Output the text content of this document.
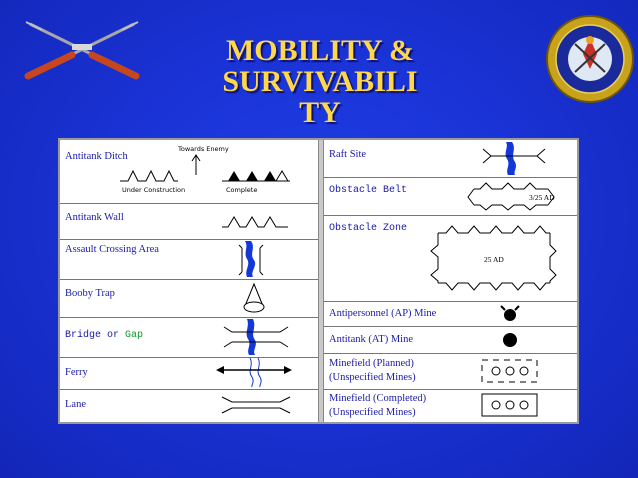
MOBILITY &
SURVIVABILI
TY
Antitank Ditch
Towards Enemy
Under Construction	Complete
Antitank Wall
Assault Crossing Area
Booby Trap
Bridge or Gap
Ferry
Lane
Raft Site
Obstacle Belt
3/25 AD
Obstacle Zone
25 AD
Antipersonnel (AP) Mine
Antitank (AT) Mine
Minefield (Planned)
(Unspecified Mines)
Minefield (Completed)
(Unspecified Mines)
